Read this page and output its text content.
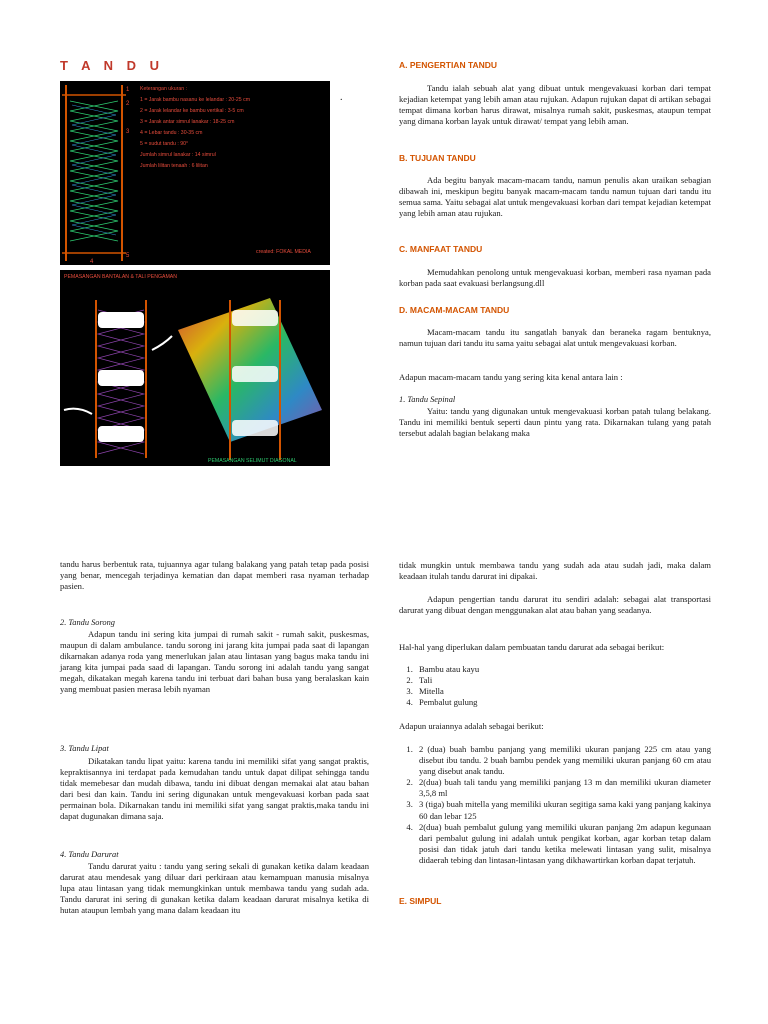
T A N D U
1
2
3
4
5
Keterangan ukuran :
1 = Jarak bambu nasanu ke lelandar : 20-25 cm
2 = Jarak lelandar ke bambu vertikal : 3-5 cm
3 = Jarak antar simrul lanakar : 18-25 cm
4 = Lebar tandu : 30-35 cm
5 = sudut tandu : 90°
Jumlah simrul lanakar : 14 simrul
Jumlah lilitan tenaah : 6 lilitan
created: FOKAL MEDIA
.
PEMASANGAN BANTALAN & TALI PENGAMAN
PEMASANGAN SELIMUT DIAGONAL
A. PENGERTIAN TANDU
Tandu ialah sebuah alat yang dibuat untuk mengevakuasi korban dari tempat kejadian ketempat yang lebih aman atau rujukan. Adapun rujukan dapat di artikan sebagai tempat dimana korban harus dirawat, misalnya rumah sakit, puskesmas, ataupun tempat yang dimana korban layak untuk dirawat/ tempat yang lebih aman.
B. TUJUAN TANDU
Ada begitu banyak macam-macam tandu, namun penulis akan uraikan sebagian dibawah ini, meskipun begitu banyak macam-macam tandu namun tujuan dari tandu itu semua sama. Yaitu sebagai alat untuk mengevakuasi korban dari tempat kejadian ketempat yang lebih aman atau rujukan.
C. MANFAAT TANDU
Memudahkan penolong untuk mengevakuasi korban, memberi rasa nyaman pada korban pada saat evakuasi berlangsung.dll
D. MACAM-MACAM TANDU
Macam-macam tandu itu sangatlah banyak dan beraneka ragam bentuknya, namun tujuan dari tandu itu sama yaitu sebagai alat untuk mengevakuasi korban.
Adapun macam-macam tandu yang sering kita kenal antara lain :
1. Tandu Sepinal
Yaitu: tandu yang digunakan untuk mengevakuasi korban patah tulang belakang. Tandu ini memiliki bentuk seperti daun pintu yang rata. Dikarnakan tulang yang patah tersebut adalah bagian belakang maka
tandu harus berbentuk rata, tujuannya agar tulang balakang yang patah tetap pada posisi yang benar, mencegah terjadinya kematian dan dapat memberi rasa nyaman terhadap pasien.
2. Tandu Sorong
Adapun tandu ini sering kita jumpai di rumah sakit - rumah sakit, puskesmas, maupun di dalam ambulance. tandu sorong ini jarang kita jumpai pada saat di lapangan dikarnakan adanya roda yang menerlukan jalan atau lintasan yang bagus maka tandu ini jarang kita jumpai pada saad di lapangan. Tandu sorong ini adalah tandu yang sangat megah, dikatakan megah karena tandu ini terbuat dari bahan busa yang beralaskan kain yang membuat pasien merasa lebih nyaman
3. Tandu Lipat
Dikatakan tandu lipat yaitu: karena tandu ini memiliki sifat yang sangat praktis, kepraktisannya ini terdapat pada kemudahan tandu untuk dapat dilipat sehingga tandu tidak memebesar dan mudah dibawa, tandu ini dibuat dengan memakai alat atau bahan dari besi dan kain. Tandu ini sering digunakan untuk mengevakuasi korban pada saat permainan bola. Dikarnakan tandu ini memiliki sifat yang sangat praktis,maka tandu ini dapat dugunakan dimana saja.
4. Tandu Darurat
Tandu darurat yaitu : tandu yang sering sekali di gunakan ketika dalam keadaan darurat atau mendesak yang diluar dari perkiraan atau kemampuan manusia misalnya lupa atau lintasan yang tidak memungkinkan untuk membawa tandu yang sudah ada. Tandu darurat ini sering di gunakan ketika dalam keadaan darurat misalnya ketika di hutan ataupun lembah yang mana dalam keadaan itu
tidak mungkin untuk membawa tandu yang sudah ada atau sudah jadi, maka dalam keadaan itulah tandu darurat ini dipakai.
Adapun pengertian tandu darurat itu sendiri adalah: sebagai alat transportasi darurat yang dibuat dengan menggunakan alat atau bahan yang seadanya.
Hal-hal yang diperlukan dalam pembuatan tandu darurat ada sebagai berikut:
1. Bambu atau kayu
2. Tali
3. Mitella
4. Pembalut gulung
Adapun uraiannya adalah sebagai berikut:
1. 2 (dua) buah bambu panjang yang memiliki ukuran panjang 225 cm atau yang disebut ibu tandu. 2 buah bambu pendek yang memiliki ukuran panjang 60 cm atau yang disebut anak tandu.
2. 2(dua) buah tali tandu yang memiliki panjang 13 m dan memiliki ukuran diameter 3,5,8 ml
3. 3 (tiga) buah mitella yang memiliki ukuran segitiga sama kaki yang panjang kakinya 60 dan lebar 125
4. 2(dua) buah pembalut gulung yang memiliki ukuran panjang 2m adapun kegunaan dari pembalut gulung ini adalah untuk pengikat korban, agar korban tetap dalam posisi dan tidak jatuh dari tandu ketika melewati lintasan yang sulit, misalnya didaerah tebing dan lintasan-lintasan yang dikhawartirkan korban dapat terjatuh.
E. SIMPUL
